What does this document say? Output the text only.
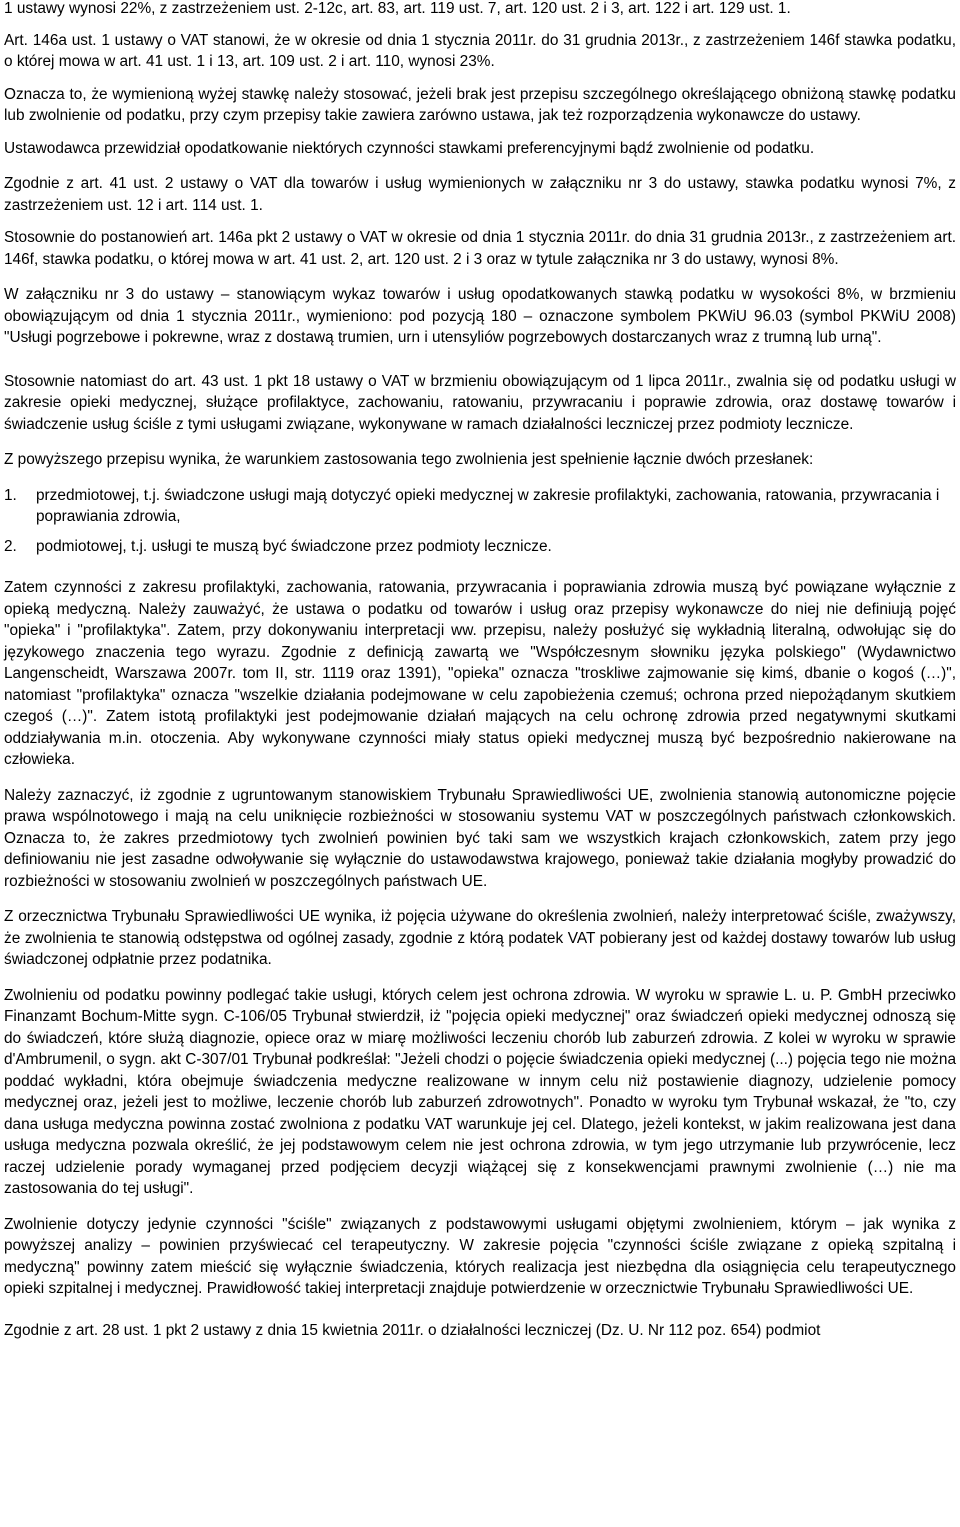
1 ustawy wynosi 22%, z zastrzeżeniem ust. 2-12c, art. 83, art. 119 ust. 7, art. 120 ust. 2 i 3, art. 122 i art. 129 ust. 1.

Art. 146a ust. 1 ustawy o VAT stanowi, że w okresie od dnia 1 stycznia 2011r. do 31 grudnia 2013r., z zastrzeżeniem 146f stawka podatku, o której mowa w art. 41 ust. 1 i 13, art. 109 ust. 2 i art. 110, wynosi 23%.

Oznacza to, że wymienioną wyżej stawkę należy stosować, jeżeli brak jest przepisu szczególnego określającego obniżoną stawkę podatku lub zwolnienie od podatku, przy czym przepisy takie zawiera zarówno ustawa, jak też rozporządzenia wykonawcze do ustawy.

Ustawodawca przewidział opodatkowanie niektórych czynności stawkami preferencyjnymi bądź zwolnienie od podatku.

Zgodnie z art. 41 ust. 2 ustawy o VAT dla towarów i usług wymienionych w załączniku nr 3 do ustawy, stawka podatku wynosi 7%, z zastrzeżeniem ust. 12 i art. 114 ust. 1.

Stosownie do postanowień art. 146a pkt 2 ustawy o VAT w okresie od dnia 1 stycznia 2011r. do dnia 31 grudnia 2013r., z zastrzeżeniem art. 146f, stawka podatku, o której mowa w art. 41 ust. 2, art. 120 ust. 2 i 3 oraz w tytule załącznika nr 3 do ustawy, wynosi 8%.

W załączniku nr 3 do ustawy – stanowiącym wykaz towarów i usług opodatkowanych stawką podatku w wysokości 8%, w brzmieniu obowiązującym od dnia 1 stycznia 2011r., wymieniono: pod pozycją 180 – oznaczone symbolem PKWiU 96.03 (symbol PKWiU 2008) "Usługi pogrzebowe i pokrewne, wraz z dostawą trumien, urn i utensyliów pogrzebowych dostarczanych wraz z trumną lub urną".

Stosownie natomiast do art. 43 ust. 1 pkt 18 ustawy o VAT w brzmieniu obowiązującym od 1 lipca 2011r., zwalnia się od podatku usługi w zakresie opieki medycznej, służące profilaktyce, zachowaniu, ratowaniu, przywracaniu i poprawie zdrowia, oraz dostawę towarów i świadczenie usług ściśle z tymi usługami związane, wykonywane w ramach działalności leczniczej przez podmioty lecznicze.

Z powyższego przepisu wynika, że warunkiem zastosowania tego zwolnienia jest spełnienie łącznie dwóch przesłanek:

1.	przedmiotowej, t.j. świadczone usługi mają dotyczyć opieki medycznej w zakresie profilaktyki, zachowania, ratowania, przywracania i poprawiania zdrowia,
2.	podmiotowej, t.j. usługi te muszą być świadczone przez podmioty lecznicze.

Zatem czynności z zakresu profilaktyki, zachowania, ratowania, przywracania i poprawiania zdrowia muszą być powiązane wyłącznie z opieką medyczną. Należy zauważyć, że ustawa o podatku od towarów i usług oraz przepisy wykonawcze do niej nie definiują pojęć "opieka" i "profilaktyka". Zatem, przy dokonywaniu interpretacji ww. przepisu, należy posłużyć się wykładnią literalną, odwołując się do językowego znaczenia tego wyrazu. Zgodnie z definicją zawartą we "Współczesnym słowniku języka polskiego" (Wydawnictwo Langenscheidt, Warszawa 2007r. tom II, str. 1119 oraz 1391), "opieka" oznacza "troskliwe zajmowanie się kimś, dbanie o kogoś (…)", natomiast "profilaktyka" oznacza "wszelkie działania podejmowane w celu zapobieżenia czemuś; ochrona przed niepożądanym skutkiem czegoś (…)". Zatem istotą profilaktyki jest podejmowanie działań mających na celu ochronę zdrowia przed negatywnymi skutkami oddziaływania m.in. otoczenia. Aby wykonywane czynności miały status opieki medycznej muszą być bezpośrednio nakierowane na człowieka.

Należy zaznaczyć, iż zgodnie z ugruntowanym stanowiskiem Trybunału Sprawiedliwości UE, zwolnienia stanowią autonomiczne pojęcie prawa wspólnotowego i mają na celu uniknięcie rozbieżności w stosowaniu systemu VAT w poszczególnych państwach członkowskich. Oznacza to, że zakres przedmiotowy tych zwolnień powinien być taki sam we wszystkich krajach członkowskich, zatem przy jego definiowaniu nie jest zasadne odwoływanie się wyłącznie do ustawodawstwa krajowego, ponieważ takie działania mogłyby prowadzić do rozbieżności w stosowaniu zwolnień w poszczególnych państwach UE.

Z orzecznictwa Trybunału Sprawiedliwości UE wynika, iż pojęcia używane do określenia zwolnień, należy interpretować ściśle, zważywszy, że zwolnienia te stanowią odstępstwa od ogólnej zasady, zgodnie z którą podatek VAT pobierany jest od każdej dostawy towarów lub usług świadczonej odpłatnie przez podatnika.

Zwolnieniu od podatku powinny podlegać takie usługi, których celem jest ochrona zdrowia. W wyroku w sprawie L. u. P. GmbH przeciwko Finanzamt Bochum-Mitte sygn. C-106/05 Trybunał stwierdził, iż "pojęcia opieki medycznej" oraz świadczeń opieki medycznej odnoszą się do świadczeń, które służą diagnozie, opiece oraz w miarę możliwości leczeniu chorób lub zaburzeń zdrowia. Z kolei w wyroku w sprawie d'Ambrumenil, o sygn. akt C-307/01 Trybunał podkreślał: "Jeżeli chodzi o pojęcie świadczenia opieki medycznej (...) pojęcia tego nie można poddać wykładni, która obejmuje świadczenia medyczne realizowane w innym celu niż postawienie diagnozy, udzielenie pomocy medycznej oraz, jeżeli jest to możliwe, leczenie chorób lub zaburzeń zdrowotnych". Ponadto w wyroku tym Trybunał wskazał, że "to, czy dana usługa medyczna powinna zostać zwolniona z podatku VAT warunkuje jej cel. Dlatego, jeżeli kontekst, w jakim realizowana jest dana usługa medyczna pozwala określić, że jej podstawowym celem nie jest ochrona zdrowia, w tym jego utrzymanie lub przywrócenie, lecz raczej udzielenie porady wymaganej przed podjęciem decyzji wiążącej się z konsekwencjami prawnymi zwolnienie (…) nie ma zastosowania do tej usługi".

Zwolnienie dotyczy jedynie czynności "ściśle" związanych z podstawowymi usługami objętymi zwolnieniem, którym – jak wynika z powyższej analizy – powinien przyświecać cel terapeutyczny. W zakresie pojęcia "czynności ściśle związane z opieką szpitalną i medyczną" powinny zatem mieścić się wyłącznie świadczenia, których realizacja jest niezbędna dla osiągnięcia celu terapeutycznego opieki szpitalnej i medycznej. Prawidłowość takiej interpretacji znajduje potwierdzenie w orzecznictwie Trybunału Sprawiedliwości UE.

Zgodnie z art. 28 ust. 1 pkt 2 ustawy z dnia 15 kwietnia 2011r. o działalności leczniczej (Dz. U. Nr 112 poz. 654) podmiot
